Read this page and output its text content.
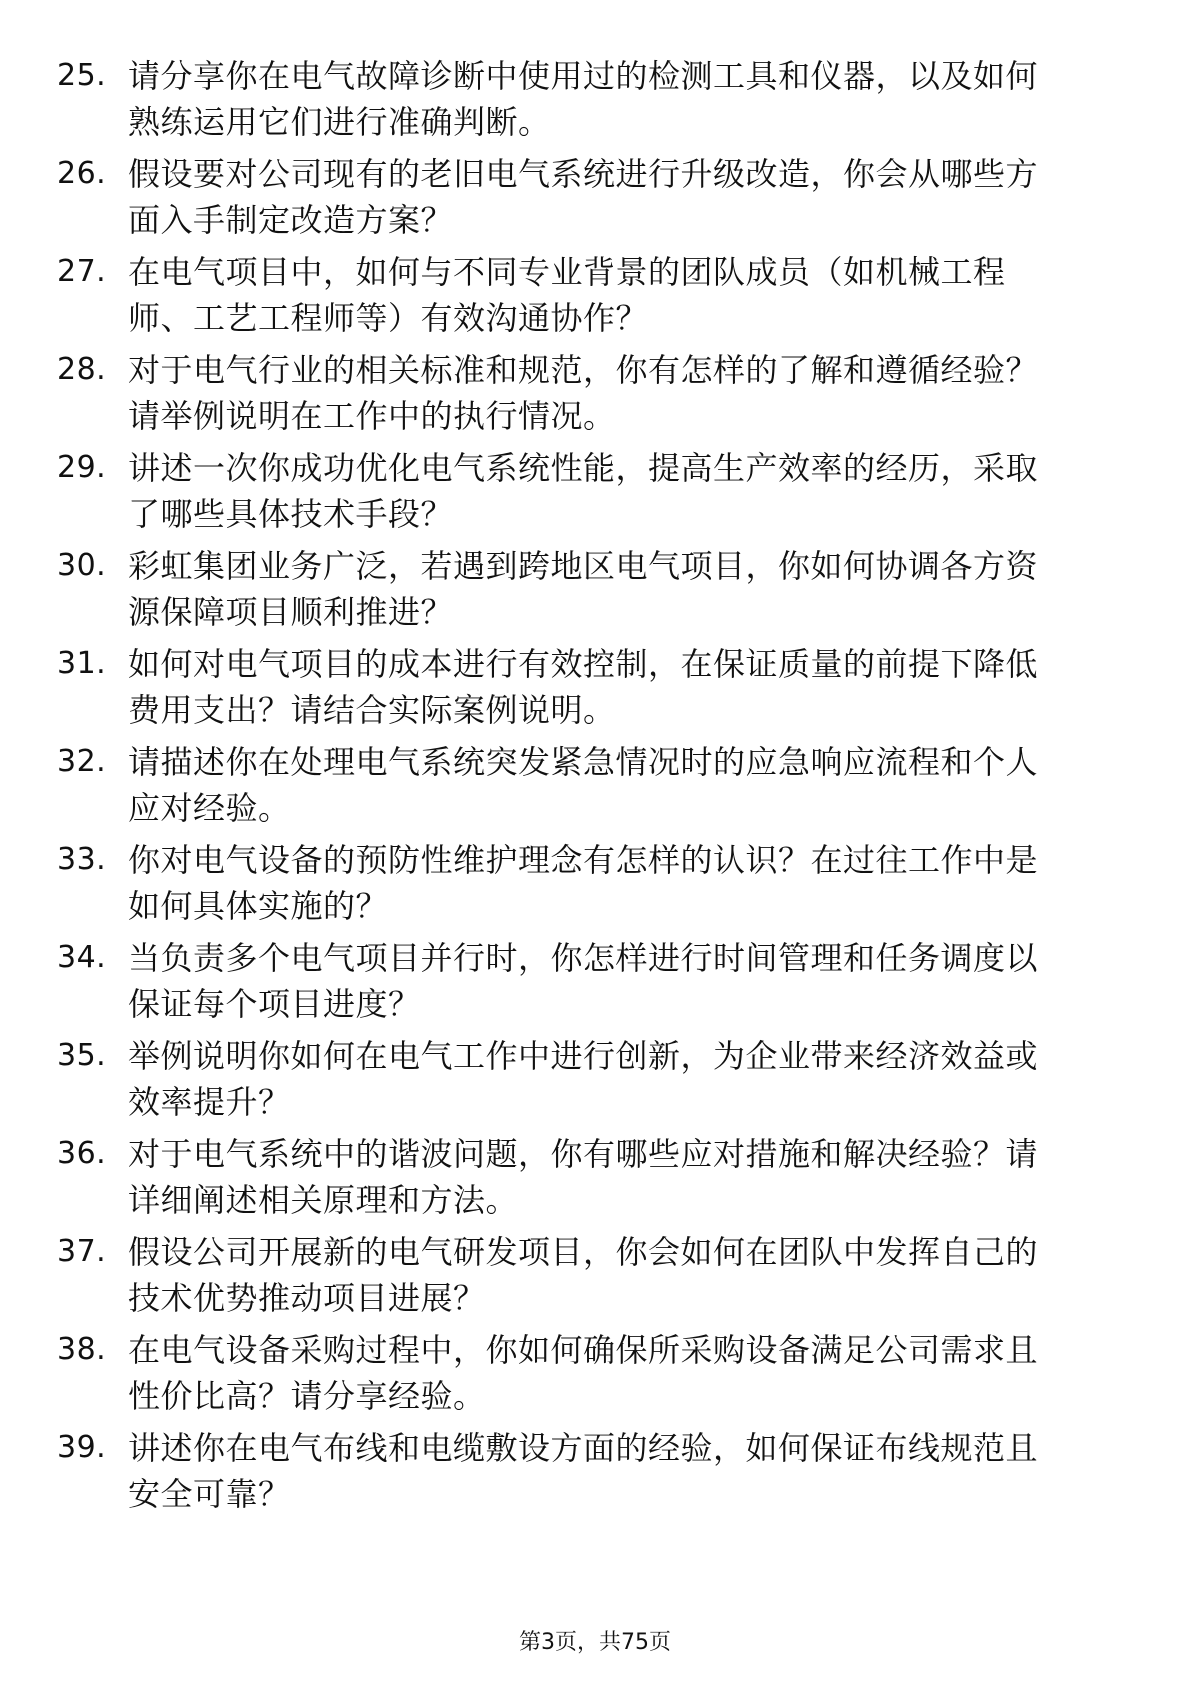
25. 请分享你在电气故障诊断中使用过的检测工具和仪器，以及如何
熟练运用它们进行准确判断。
26. 假设要对公司现有的老旧电气系统进行升级改造，你会从哪些方
面入手制定改造方案？
27. 在电气项目中，如何与不同专业背景的团队成员（如机械工程
师、工艺工程师等）有效沟通协作？
28. 对于电气行业的相关标准和规范，你有怎样的了解和遵循经验？
请举例说明在工作中的执行情况。
29. 讲述一次你成功优化电气系统性能，提高生产效率的经历，采取
了哪些具体技术手段？
30. 彩虹集团业务广泛，若遇到跨地区电气项目，你如何协调各方资
源保障项目顺利推进？
31. 如何对电气项目的成本进行有效控制，在保证质量的前提下降低
费用支出？请结合实际案例说明。
32. 请描述你在处理电气系统突发紧急情况时的应急响应流程和个人
应对经验。
33. 你对电气设备的预防性维护理念有怎样的认识？在过往工作中是
如何具体实施的？
34. 当负责多个电气项目并行时，你怎样进行时间管理和任务调度以
保证每个项目进度？
35. 举例说明你如何在电气工作中进行创新，为企业带来经济效益或
效率提升？
36. 对于电气系统中的谐波问题，你有哪些应对措施和解决经验？请
详细阐述相关原理和方法。
37. 假设公司开展新的电气研发项目，你会如何在团队中发挥自己的
技术优势推动项目进展？
38. 在电气设备采购过程中，你如何确保所采购设备满足公司需求且
性价比高？请分享经验。
39. 讲述你在电气布线和电缆敷设方面的经验，如何保证布线规范且
安全可靠？
第3页，共75页
